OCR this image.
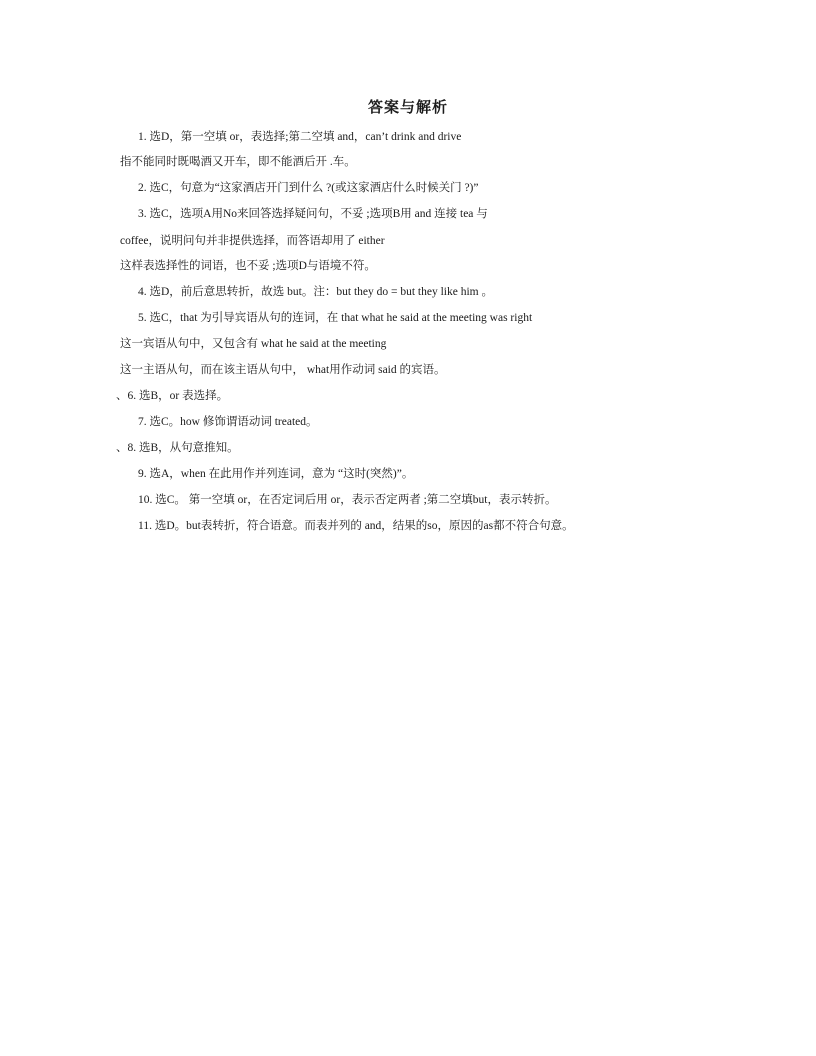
答案与解析
1. 选D，第一空填 or，表选择;第二空填 and，can’t drink and drive
指不能同时既喝酒又开车，即不能酒后开 .车。
2. 选C，句意为“这家酒店开门到什么 ?(或这家酒店什么时候关门 ?)”
3. 选C，选项A用No来回答选择疑问句，不妥 ;选项B用 and 连接 tea 与
coffee，说明问句并非提供选择，而答语却用了 either
这样表选择性的词语，也不妥 ;选项D与语境不符。
4. 选D，前后意思转折，故选 but。注：but they do = but they like him 。
5. 选C，that 为引导宾语从句的连词，在 that what he said at the meeting was right
这一宾语从句中，又包含有 what he said at the meeting
这一主语从句，而在该主语从句中， what用作动词 said 的宾语。
、6. 选B，or 表选择。
7. 选C。how 修饰谓语动词 treated。
、8. 选B，从句意推知。
9. 选A，when 在此用作并列连词，意为 “这时(突然)”。
10. 选C。 第一空填 or，在否定词后用 or，表示否定两者 ;第二空填but，表示转折。
11. 选D。but表转折，符合语意。而表并列的 and，结果的so，原因的as都不符合句意。
